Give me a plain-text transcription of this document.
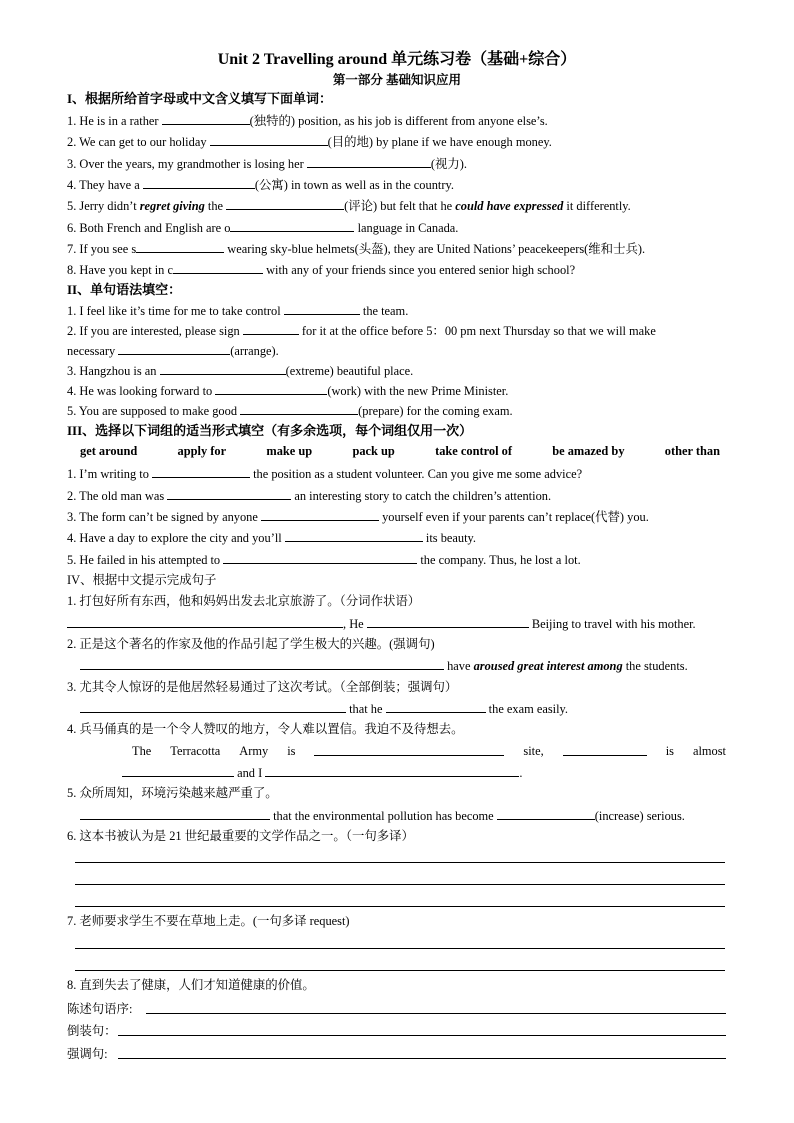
Unit 2 Travelling around 单元练习卷（基础+综合）
第一部分 基础知识应用
I、根据所给首字母或中文含义填写下面单词：
1. He is in a rather	(独特的) position, as his job is different from anyone else’s.
2. We can get to our holiday	(目的地) by plane if we have enough money.
3. Over the years, my grandmother is losing her	(视力).
4. They have a	(公寓) in town as well as in the country.
5. Jerry didn’t regret giving the	(评论) but felt that he could have expressed it differently.
6. Both French and English are o	language in Canada.
7. If you see s	wearing sky-blue helmets(头盔), they are United Nations’ peacekeepers(维和士兵).
8. Have you kept in c	with any of your friends since you entered senior high school?
II、单句语法填空：
1. I feel like it’s time for me to take control	the team.
2. If you are interested, please sign	for it at the office before 5：00 pm next Thursday so that we will make
necessary	(arrange).
3. Hangzhou is an	(extreme) beautiful place.
4. He was looking forward to	(work) with the new Prime Minister.
5. You are supposed to make good	(prepare) for the coming exam.
III、选择以下词组的适当形式填空（有多余选项，每个词组仅用一次）
get around	apply for	make up	pack up	take control of	be amazed by	other than
1. I’m writing to	the position as a student volunteer. Can you give me some advice?
2. The old man was	an interesting story to catch the children’s attention.
3. The form can’t be signed by anyone	yourself even if your parents can’t replace(代替) you.
4. Have a day to explore the city and you’ll	its beauty.
5. He failed in his attempted to	the company. Thus, he lost a lot.
IV、根据中文提示完成句子
1. 打包好所有东西，他和妈妈出发去北京旅游了。（分词作状语）
, He	Beijing to travel with his mother.
2. 正是这个著名的作家及他的作品引起了学生极大的兴趣。(强调句)
have aroused great interest among the students.
3. 尤其令人惊讶的是他居然轻易通过了这次考试。（全部倒装；强调句）
that he	the exam easily.
4. 兵马俑真的是一个令人赞叹的地方，令人难以置信。我迫不及待想去。
The Terracotta Army is	site,	is almost
and I	.
5. 众所周知，环境污染越来越严重了。
that the environmental pollution has become	(increase) serious.
6. 这本书被认为是 21 世纪最重要的文学作品之一。（一句多译）
7. 老师要求学生不要在草地上走。(一句多译 request)
8. 直到失去了健康，人们才知道健康的价值。
陈述句语序:
倒装句：
强调句:
